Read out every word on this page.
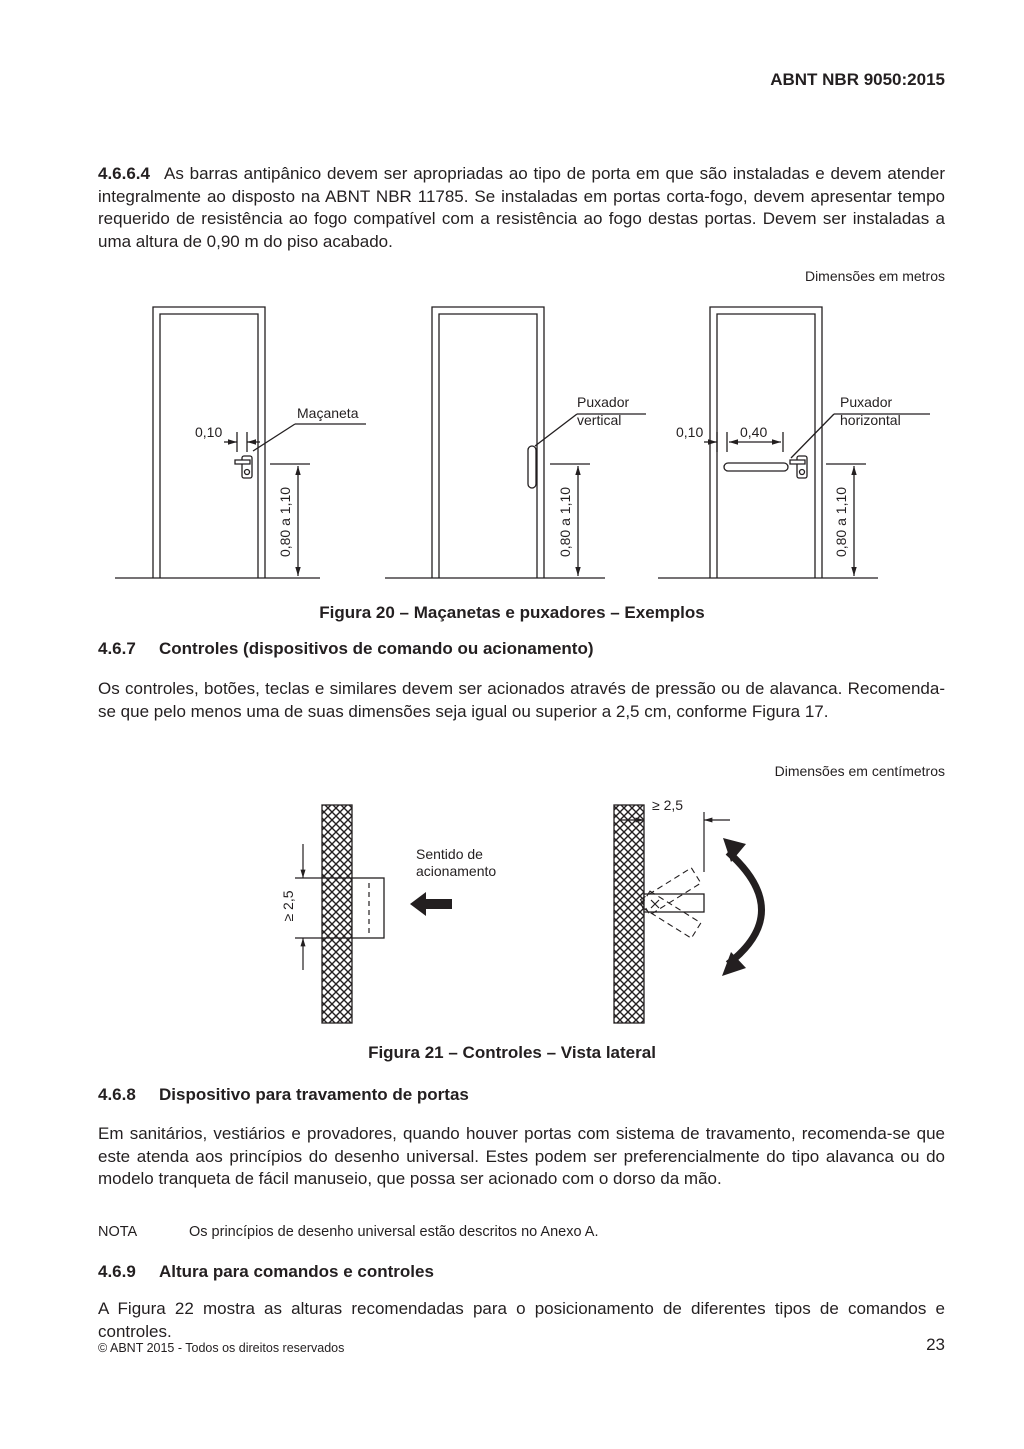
ABNT NBR 9050:2015

4.6.6.4 As barras antipânico devem ser apropriadas ao tipo de porta em que são instaladas e devem atender integralmente ao disposto na ABNT NBR 11785. Se instaladas em portas corta-fogo, devem apresentar tempo requerido de resistência ao fogo compatível com a resistência ao fogo destas portas. Devem ser instaladas a uma altura de 0,90 m do piso acabado.

Dimensões em metros
Maçaneta
0,10
0,80 a 1,10
Puxador
vertical
0,80 a 1,10
Puxador
horizontal
0,10	0,40
0,80 a 1,10
Figura 20 – Maçanetas e puxadores – Exemplos
4.6.7 Controles (dispositivos de comando ou acionamento)

Os controles, botões, teclas e similares devem ser acionados através de pressão ou de alavanca. Recomenda-se que pelo menos uma de suas dimensões seja igual ou superior a 2,5 cm, conforme Figura 17.

Dimensões em centímetros
≥ 2,5
Sentido de
acionamento
≥ 2,5
Figura 21 – Controles – Vista lateral
4.6.8 Dispositivo para travamento de portas

Em sanitários, vestiários e provadores, quando houver portas com sistema de travamento, recomenda-se que este atenda aos princípios do desenho universal. Estes podem ser preferencialmente do tipo alavanca ou do modelo tranqueta de fácil manuseio, que possa ser acionado com o dorso da mão.

NOTA	Os princípios de desenho universal estão descritos no Anexo A.
4.6.9 Altura para comandos e controles

A Figura 22 mostra as alturas recomendadas para o posicionamento de diferentes tipos de comandos e controles.

© ABNT 2015 - Todos os direitos reservados	23
